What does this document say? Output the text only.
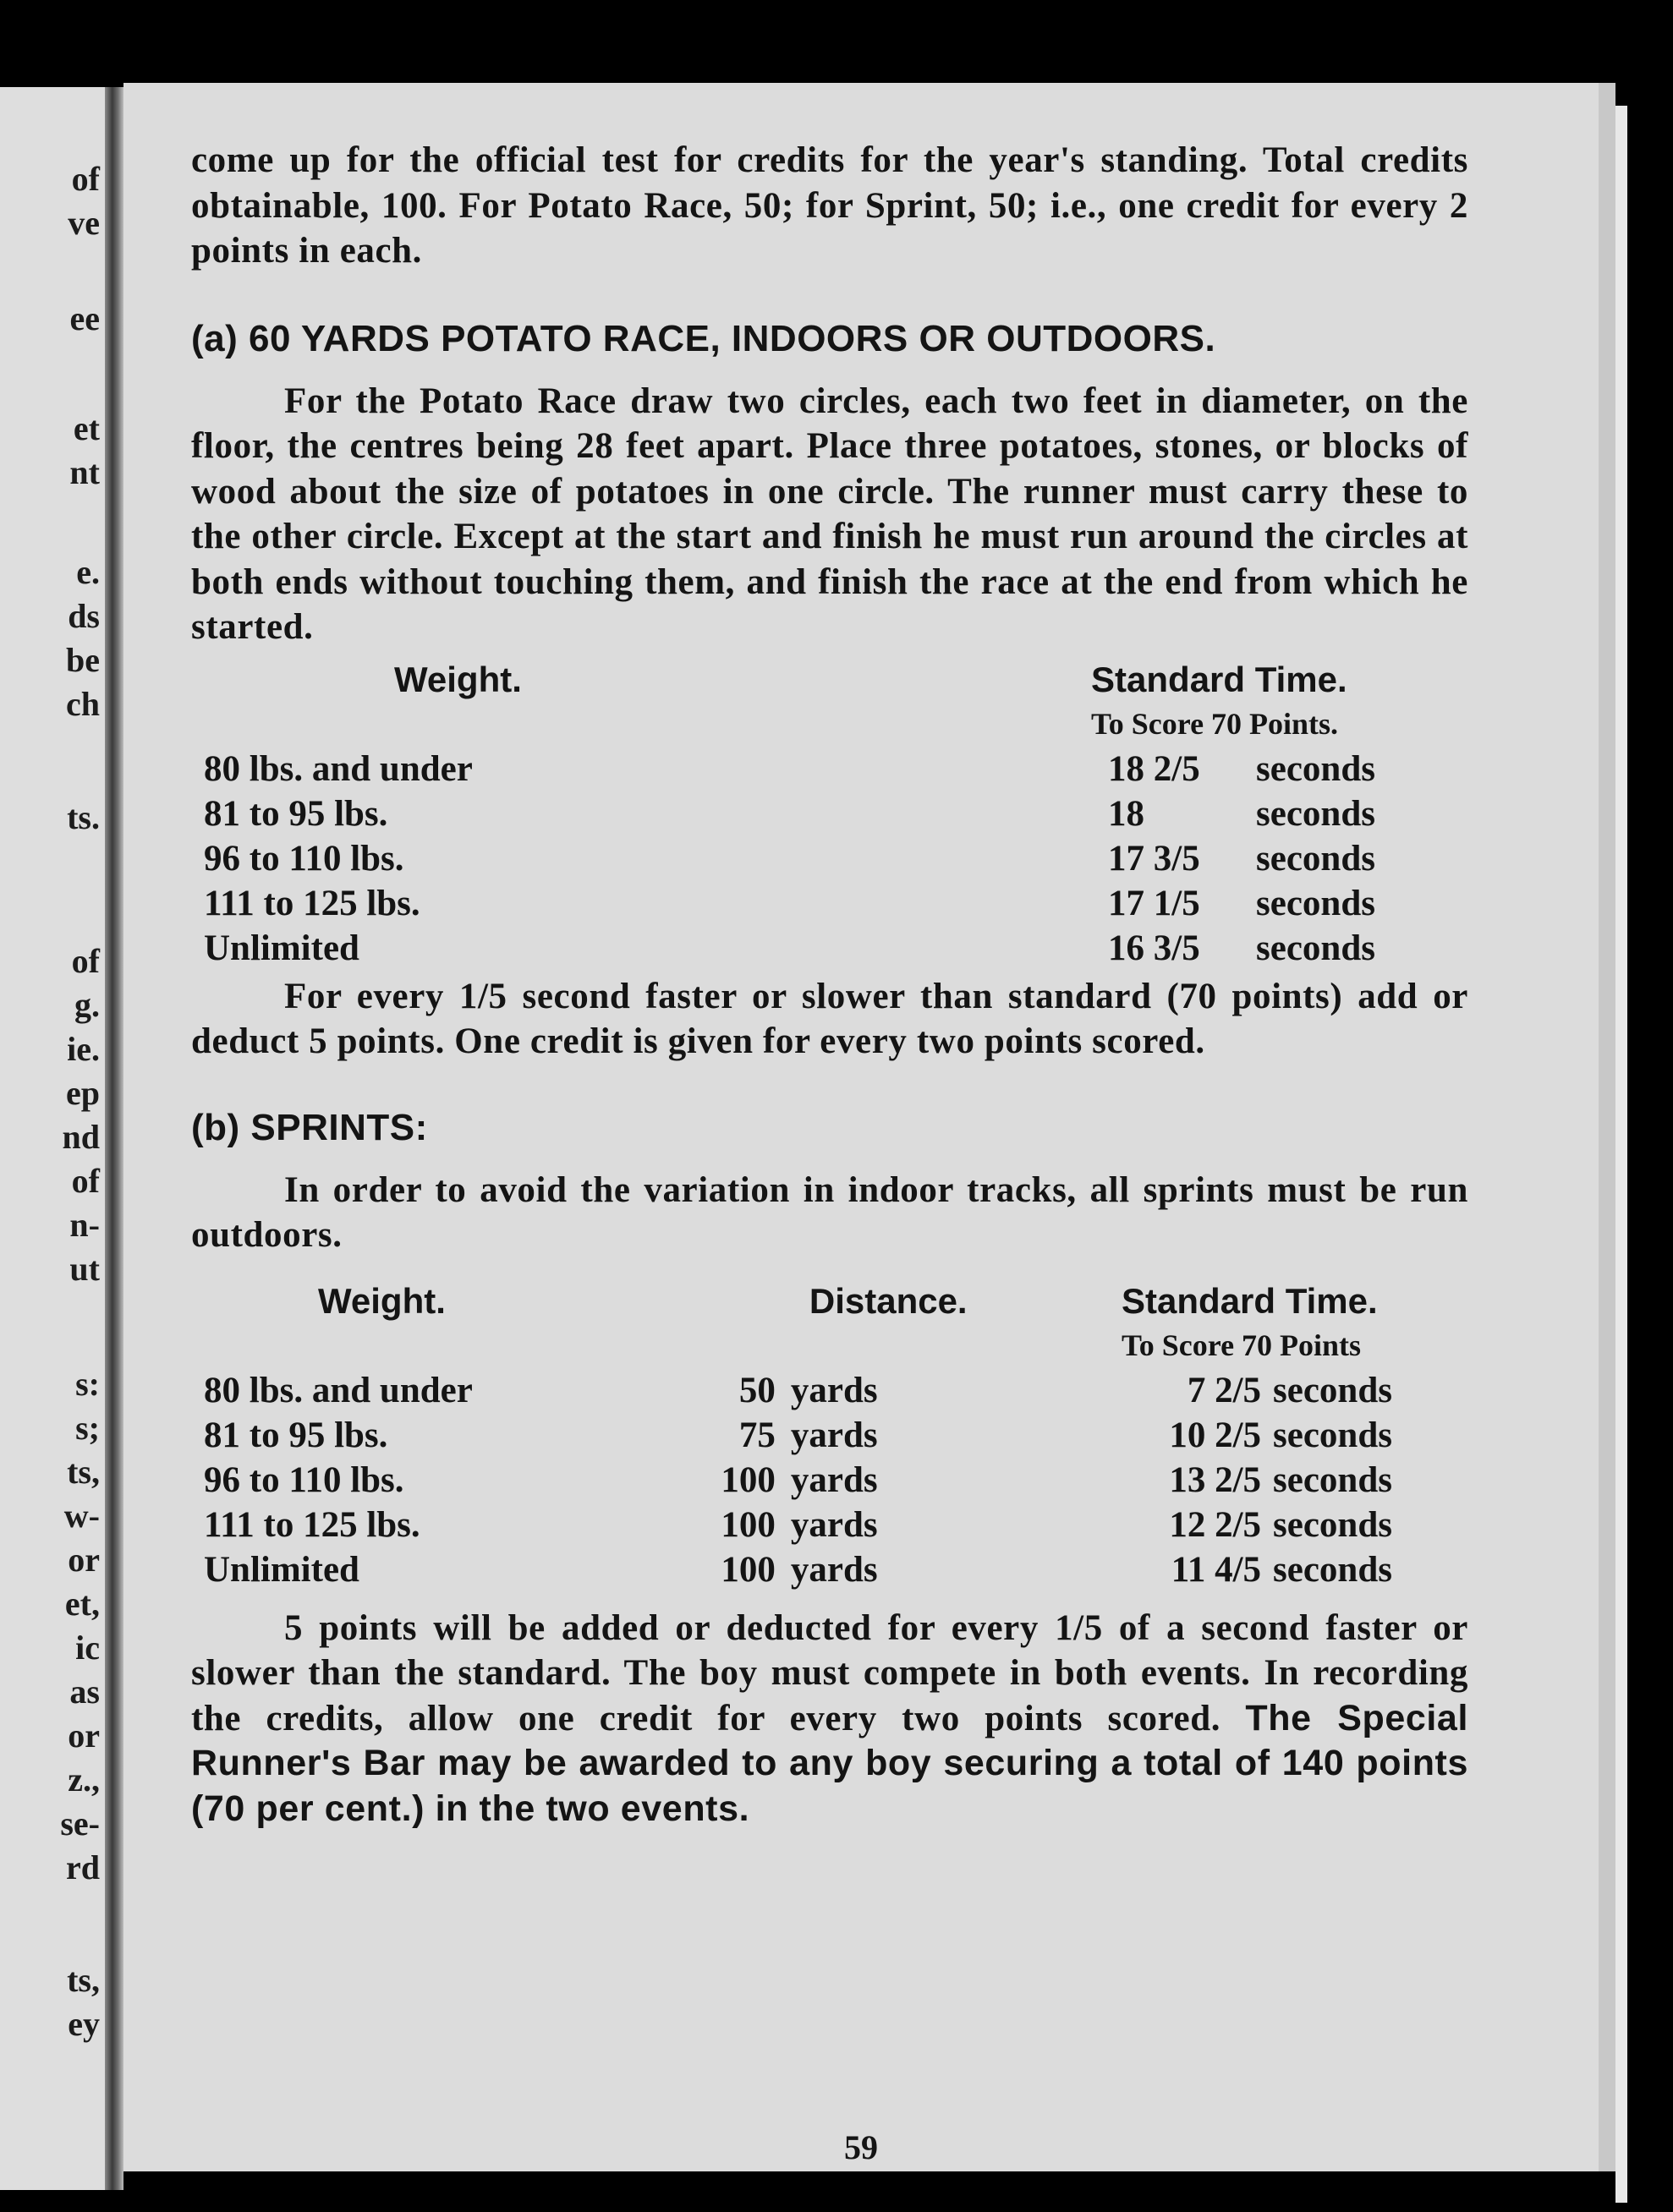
of
ve
ee
et
nt
e.
ds
be
ch
ts.
of
g.
ie.
ep
nd
of
n-
ut
s:
s;
ts,
w-
or
et,
ic
as
or
z.,
se-
rd
ts,
ey

come up for the official test for credits for the year's standing. Total credits obtainable, 100. For Potato Race, 50; for Sprint, 50; i.e., one credit for every 2 points in each.

(a) 60 YARDS POTATO RACE, INDOORS OR OUTDOORS.

For the Potato Race draw two circles, each two feet in diameter, on the floor, the centres being 28 feet apart. Place three potatoes, stones, or blocks of wood about the size of potatoes in one circle. The runner must carry these to the other circle. Except at the start and finish he must run around the circles at both ends without touching them, and finish the race at the end from which he started.

Weight.	Standard Time.
	To Score 70 Points.
80 lbs. and under	18 2/5 seconds
81 to 95 lbs.	18 seconds
96 to 110 lbs.	17 3/5 seconds
111 to 125 lbs.	17 1/5 seconds
Unlimited	16 3/5 seconds

For every 1/5 second faster or slower than standard (70 points) add or deduct 5 points. One credit is given for every two points scored.

(b) SPRINTS:

In order to avoid the variation in indoor tracks, all sprints must be run outdoors.

Weight.	Distance.	Standard Time.
		To Score 70 Points
80 lbs. and under	50 yards	7 2/5 seconds
81 to 95 lbs.	75 yards	10 2/5 seconds
96 to 110 lbs.	100 yards	13 2/5 seconds
111 to 125 lbs.	100 yards	12 2/5 seconds
Unlimited	100 yards	11 4/5 seconds

5 points will be added or deducted for every 1/5 of a second faster or slower than the standard. The boy must compete in both events. In recording the credits, allow one credit for every two points scored. The Special Runner's Bar may be awarded to any boy securing a total of 140 points (70 per cent.) in the two events.

59
